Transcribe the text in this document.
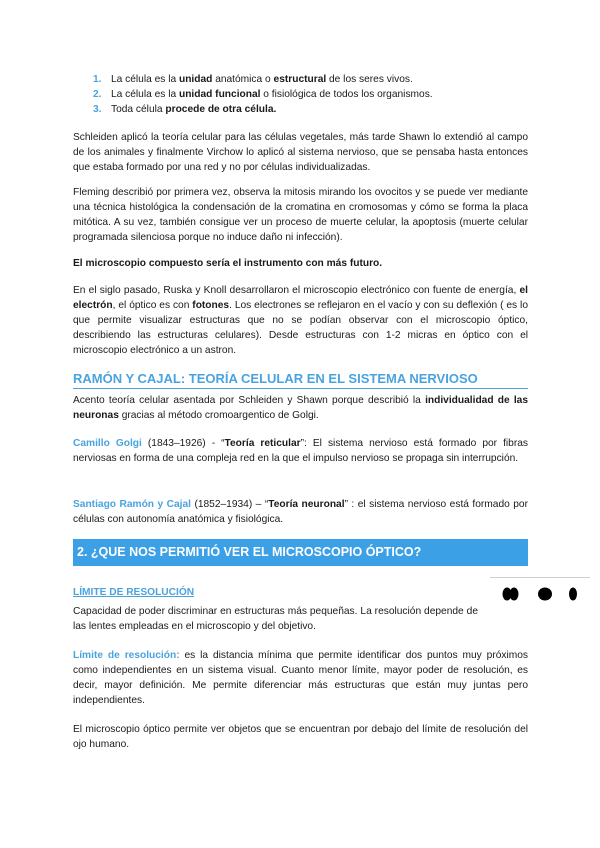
1. La célula es la unidad anatómica o estructural de los seres vivos.
2. La célula es la unidad funcional o fisiológica de todos los organismos.
3. Toda célula procede de otra célula.

Schleiden aplicó la teoría celular para las células vegetales, más tarde Shawn lo extendió al campo de los animales y finalmente Virchow lo aplicó al sistema nervioso, que se pensaba hasta entonces que estaba formado por una red y no por células individualizadas.

Fleming describió por primera vez, observa la mitosis mirando los ovocitos y se puede ver mediante una técnica histológica la condensación de la cromatina en cromosomas y cómo se forma la placa mitótica. A su vez, también consigue ver un proceso de muerte celular, la apoptosis (muerte celular programada silenciosa porque no induce daño ni infección).

El microscopio compuesto sería el instrumento con más futuro.

En el siglo pasado, Ruska y Knoll desarrollaron el microscopio electrónico con fuente de energía, el electrón, el óptico es con fotones. Los electrones se reflejaron en el vacío y con su deflexión ( es lo que permite visualizar estructuras que no se podían observar con el microscopio óptico, describiendo las estructuras celulares). Desde estructuras con 1-2 micras en óptico con el microscopio electrónico a un astron.

RAMÓN Y CAJAL: TEORÍA CELULAR EN EL SISTEMA NERVIOSO

Acento teoría celular asentada por Schleiden y Shawn porque describió la individualidad de las neuronas gracias al método cromoargentico de Golgi.

Camillo Golgi (1843–1926) - “Teoría reticular”: El sistema nervioso está formado por fibras nerviosas en forma de una compleja red en la que el impulso nervioso se propaga sin interrupción.

Santiago Ramón y Cajal (1852–1934) – “Teoría neuronal” : el sistema nervioso está formado por células con autonomía anatómica y fisiológica.

2. ¿QUE NOS PERMITIÓ VER EL MICROSCOPIO ÓPTICO?
LÍMITE DE RESOLUCIÓN

Capacidad de poder discriminar en estructuras más pequeñas. La resolución depende de las lentes empleadas en el microscopio y del objetivo.

Límite de resolución: es la distancia mínima que permite identificar dos puntos muy próximos como independientes en un sistema visual. Cuanto menor límite, mayor poder de resolución, es decir, mayor definición. Me permite diferenciar más estructuras que están muy juntas pero independientes.

El microscopio óptico permite ver objetos que se encuentran por debajo del límite de resolución del ojo humano.
